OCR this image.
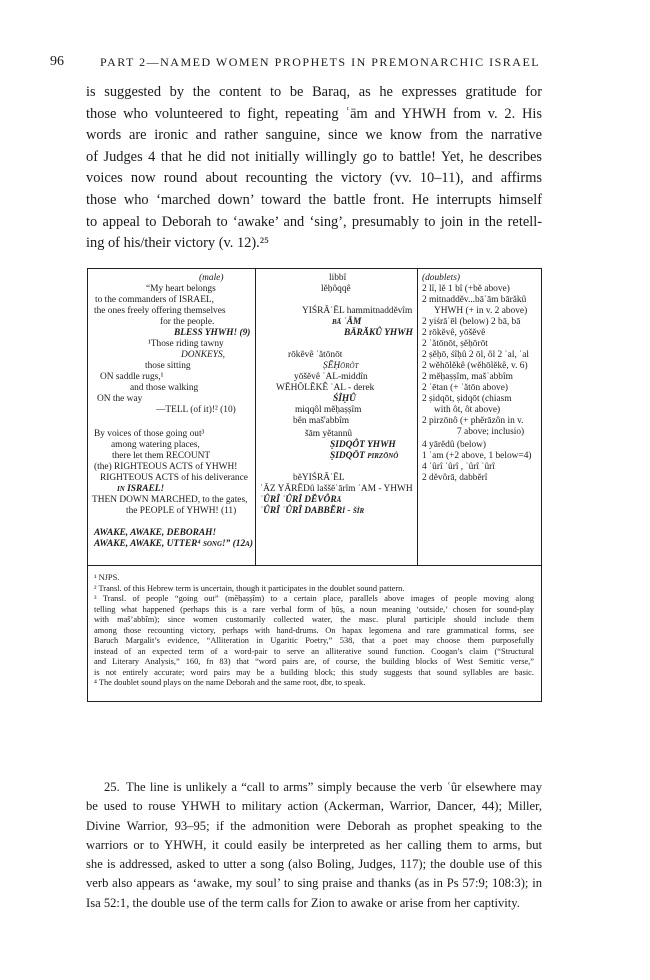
96	PART 2—NAMED WOMEN PROPHETS IN PREMONARCHIC ISRAEL
is suggested by the content to be Baraq, as he expresses gratitude for
those who volunteered to fight, repeating ʿām and YHWH from v. 2. His
words are ironic and rather sanguine, since we know from the narrative
of Judges 4 that he did not initially willingly go to battle! Yet, he describes
voices now round about recounting the victory (vv. 10–11), and affirms
those who ‘marched down’ toward the battle front. He interrupts himself
to appeal to Deborah to ‘awake’ and ‘sing’, presumably to join in the retell-
ing of his/their victory (v. 12).²⁵
(male)
“My heart belongs
to the commanders of ISRAEL,
the ones freely offering themselves
for the people.
BLESS YHWH! (9)
¹Those riding tawny
DONKEYS,
those sitting
ON saddle rugs,¹
and those walking
ON the way
—TELL (of it)!² (10)
By voices of those going out³
among watering places,
there let them RECOUNT
(the) RIGHTEOUS ACTS of YHWH!
RIGHTEOUS ACTS of his deliverance
in ISRAEL!
THEN DOWN MARCHED, to the gates,
the PEOPLE of YHWH! (11)
AWAKE, AWAKE, DEBORAH!
AWAKE, AWAKE, UTTER⁴ song!” (12a)
libbî
lĕḥôqqê
YIŚRĀʾĒL hammitnaddĕvîm
bā ʿĀM
BĀRĂKÛ YHWH
rōkĕvê ʾătōnōt
ṢĔḤōrôt
yōšĕvê ʿAL-middîn
WĔHŌLĔKÊ ʿAL - derek
ŚÎḤÛ
miqqôl mĕḥaṣṣîm
bên maš'abbîm
šām yĕtannû
ṢIDQÔT YHWH
ṢIDQŌT pirzōnô
bĕYIŚRĀʾĒL
ʾĀZ YĀRĔDû laššĕʿārîm ʿAM - YHWH
ʿÛRÎ ʿÛRÎ DĔVÔRā
ʿÛRÎ ʿÛRÎ DABBĔRî - šîr
(doublets)
2 lî, lĕ 1 bî (+bĕ above)
2 mitnaddĕv...bāʿām bārăkû
YHWH (+ in v. 2 above)
2 yiśrāʾēl (below) 2 bā, bā
2 rōkĕvê, yōšĕvê
2 ʾătōnōt, ṣĕḥōrōt
2 ṣĕḥō, śîḥû 2 ōl, ôl 2 ʿal, ʿal
2 wĕhōlĕkê (wĕhōlĕkê, v. 6)
2 mĕḥaṣṣîm, mašʾabbîm
2 ʾētan (+ ʾătōn above)
2 ṣidqōt, ṣidqōt (chiasm
with ôt, ôt above)
2 pirzōnô (+ phĕrāzôn in v.
7 above; inclusio)
4 yārĕdû (below)
1 ʿam (+2 above, 1 below=4)
4 ʿûrî ʿûrî , ʿûrî ʿûrî
2 dĕvôrā, dabbĕrî
¹ NJPS.
² Transl. of this Hebrew term is uncertain, though it participates in the doublet sound pattern.
³ Transl. of people “going out” (mĕḥaṣṣîm) to a certain place, parallels above images of people moving along
telling what happened (perhaps this is a rare verbal form of ḥûṣ, a noun meaning ‘outside,’ chosen for sound-play
with maš’abbîm); since women customarily collected water, the masc. plural participle should include them
among those recounting victory, perhaps with hand-drums. On hapax legomena and rare grammatical forms, see
Baruch Margalit’s evidence, “Alliteration in Ugaritic Poetry,” 538, that a poet may choose them purposefully
instead of an expected term of a word-pair to serve an alliterative sound function. Coogan’s claim (“Structural
and Literary Analysis,” 160, fn 83) that “word pairs are, of course, the building blocks of West Semitic verse,”
is not entirely accurate; word pairs may be a building block; this study suggests that sound syllables are basic.
⁴ The doublet sound plays on the name Deborah and the same root, dbr, to speak.
25.  The line is unlikely a “call to arms” simply because the verb ʿûr elsewhere may
be used to rouse YHWH to military action (Ackerman, Warrior, Dancer, 44); Miller,
Divine Warrior, 93–95; if the admonition were Deborah as prophet speaking to the
warriors or to YHWH, it could easily be interpreted as her calling them to arms, but
she is addressed, asked to utter a song (also Boling, Judges, 117); the double use of this
verb also appears as ‘awake, my soul’ to sing praise and thanks (as in Ps 57:9; 108:3); in
Isa 52:1, the double use of the term calls for Zion to awake or arise from her captivity.
